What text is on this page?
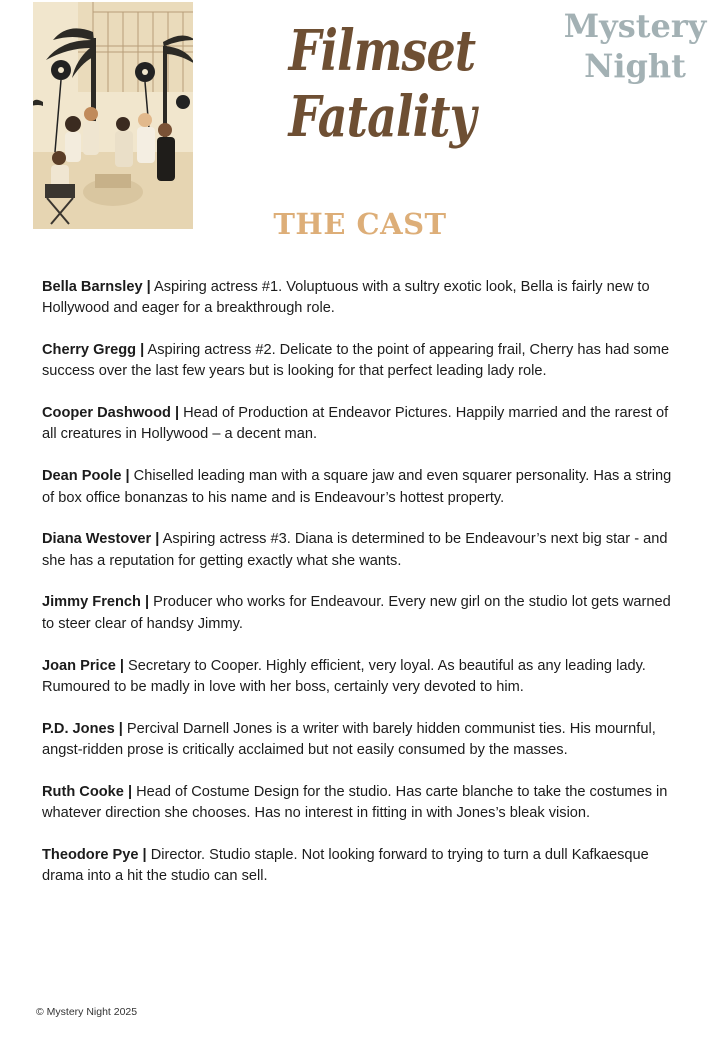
Filmset
Fatality
Mystery
Night
THE CAST

Bella Barnsley | Aspiring actress #1. Voluptuous with a sultry exotic look, Bella is fairly new to Hollywood and eager for a breakthrough role.

Cherry Gregg | Aspiring actress #2. Delicate to the point of appearing frail, Cherry has had some success over the last few years but is looking for that perfect leading lady role.

Cooper Dashwood | Head of Production at Endeavor Pictures. Happily married and the rarest of all creatures in Hollywood – a decent man.

Dean Poole | Chiselled leading man with a square jaw and even squarer personality. Has a string of box office bonanzas to his name and is Endeavour’s hottest property.

Diana Westover | Aspiring actress #3. Diana is determined to be Endeavour’s next big star - and she has a reputation for getting exactly what she wants.

Jimmy French | Producer who works for Endeavour. Every new girl on the studio lot gets warned to steer clear of handsy Jimmy.

Joan Price | Secretary to Cooper. Highly efficient, very loyal. As beautiful as any leading lady. Rumoured to be madly in love with her boss, certainly very devoted to him.

P.D. Jones | Percival Darnell Jones is a writer with barely hidden communist ties. His mournful, angst-ridden prose is critically acclaimed but not easily consumed by the masses.

Ruth Cooke | Head of Costume Design for the studio. Has carte blanche to take the costumes in whatever direction she chooses. Has no interest in fitting in with Jones’s bleak vision.

Theodore Pye | Director. Studio staple. Not looking forward to trying to turn a dull Kafkaesque drama into a hit the studio can sell.

© Mystery Night 2025
